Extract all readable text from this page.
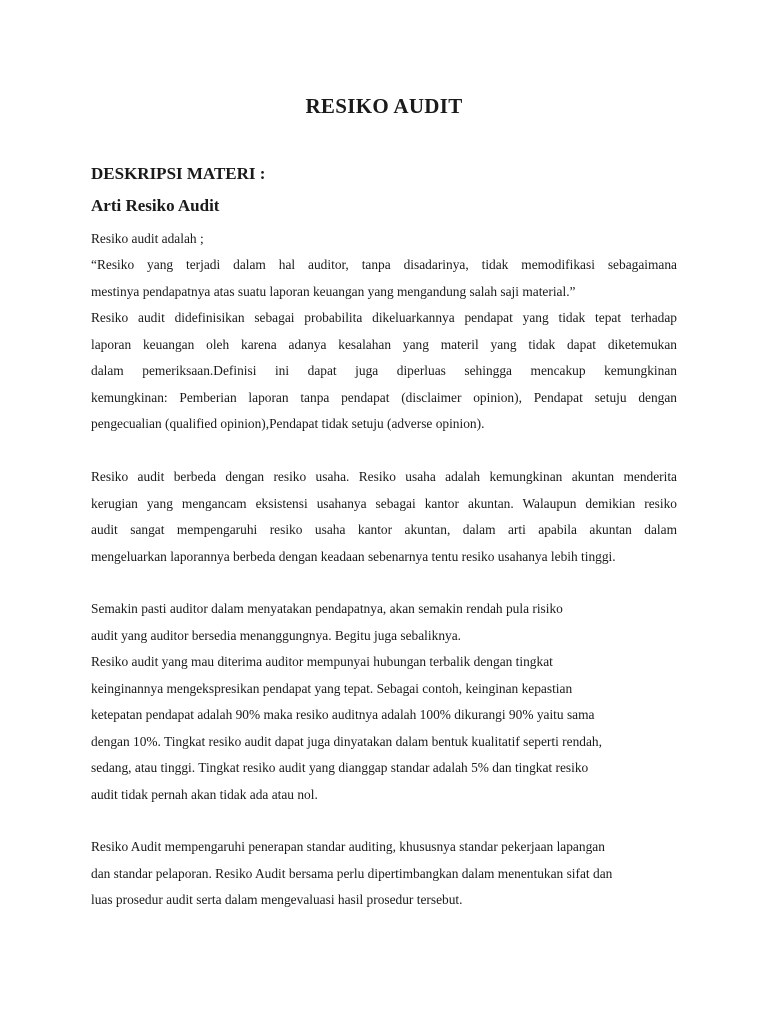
RESIKO AUDIT
DESKRIPSI MATERI :
Arti Resiko Audit
Resiko audit adalah ;
“Resiko yang terjadi dalam hal auditor, tanpa disadarinya, tidak memodifikasi sebagaimana
mestinya pendapatnya atas suatu laporan keuangan yang mengandung salah saji material.”
Resiko audit didefinisikan sebagai probabilita dikeluarkannya pendapat yang tidak tepat terhadap
laporan keuangan oleh karena adanya kesalahan yang materil yang tidak dapat diketemukan
dalam pemeriksaan.Definisi ini dapat juga diperluas sehingga mencakup kemungkinan
kemungkinan: Pemberian laporan tanpa pendapat (disclaimer opinion), Pendapat setuju dengan
pengecualian (qualified opinion),Pendapat tidak setuju (adverse opinion).
Resiko audit berbeda dengan resiko usaha. Resiko usaha adalah kemungkinan akuntan menderita
kerugian yang mengancam eksistensi usahanya sebagai kantor akuntan. Walaupun demikian resiko
audit sangat mempengaruhi resiko usaha kantor akuntan, dalam arti apabila akuntan dalam
mengeluarkan laporannya berbeda dengan keadaan sebenarnya tentu resiko usahanya lebih tinggi.
Semakin pasti auditor dalam menyatakan pendapatnya, akan semakin rendah pula risiko
audit yang auditor bersedia menanggungnya. Begitu juga sebaliknya.
Resiko audit yang mau diterima auditor mempunyai hubungan terbalik dengan tingkat
keinginannya mengekspresikan pendapat yang tepat. Sebagai contoh, keinginan kepastian
ketepatan pendapat adalah 90% maka resiko auditnya adalah 100% dikurangi 90% yaitu sama
dengan 10%. Tingkat resiko audit dapat juga dinyatakan dalam bentuk kualitatif seperti rendah,
sedang, atau tinggi. Tingkat resiko audit yang dianggap standar adalah 5% dan tingkat resiko
audit tidak pernah akan tidak ada atau nol.
Resiko Audit mempengaruhi penerapan standar auditing, khususnya standar pekerjaan lapangan
dan standar pelaporan. Resiko Audit bersama perlu dipertimbangkan dalam menentukan sifat dan
luas prosedur audit serta dalam mengevaluasi hasil prosedur tersebut.
